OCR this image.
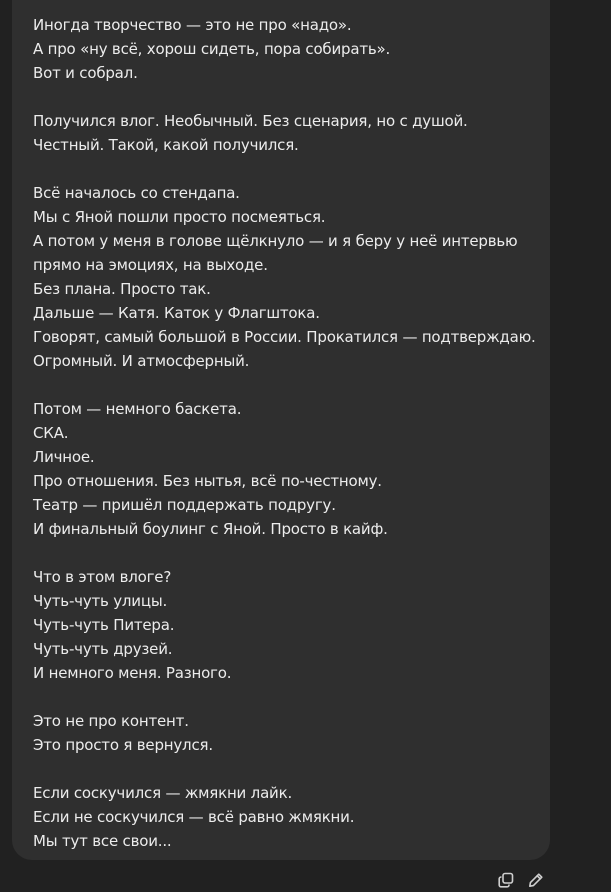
Иногда творчество — это не про «надо».
А про «ну всё, хорош сидеть, пора собирать».
Вот и собрал.
Получился влог. Необычный. Без сценария, но с душой.
Честный. Такой, какой получился.
Всё началось со стендапа.
Мы с Яной пошли просто посмеяться.
А потом у меня в голове щёлкнуло — и я беру у неё интервью
прямо на эмоциях, на выходе.
Без плана. Просто так.
Дальше — Катя. Каток у Флагштока.
Говорят, самый большой в России. Прокатился — подтверждаю.
Огромный. И атмосферный.
Потом — немного баскета.
СКА.
Личное.
Про отношения. Без нытья, всё по-честному.
Театр — пришёл поддержать подругу.
И финальный боулинг с Яной. Просто в кайф.
Что в этом влоге?
Чуть-чуть улицы.
Чуть-чуть Питера.
Чуть-чуть друзей.
И немного меня. Разного.
Это не про контент.
Это просто я вернулся.
Если соскучился — жмякни лайк.
Если не соскучился — всё равно жмякни.
Мы тут все свои...
